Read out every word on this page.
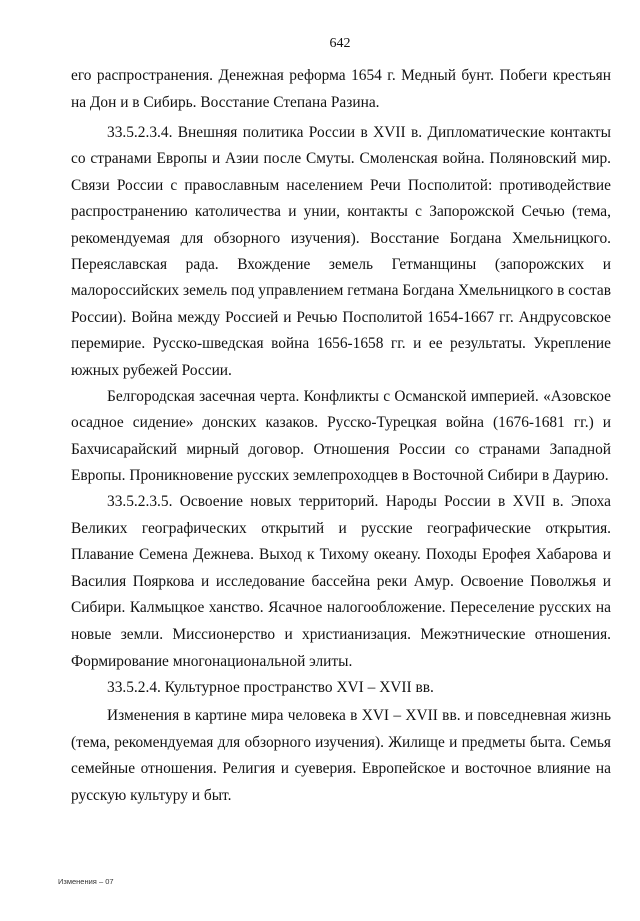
642

его распространения. Денежная реформа 1654 г. Медный бунт. Побеги крестьян на Дон и в Сибирь. Восстание Степана Разина.

33.5.2.3.4. Внешняя политика России в XVII в. Дипломатические контакты со странами Европы и Азии после Смуты. Смоленская война. Поляновский мир. Связи России с православным населением Речи Посполитой: противодействие распространению католичества и унии, контакты с Запорожской Сечью (тема, рекомендуемая для обзорного изучения). Восстание Богдана Хмельницкого. Переяславская рада. Вхождение земель Гетманщины (запорожских и малороссийских земель под управлением гетмана Богдана Хмельницкого в состав России). Война между Россией и Речью Посполитой 1654-1667 гг. Андрусовское перемирие. Русско-шведская война 1656-1658 гг. и ее результаты. Укрепление южных рубежей России.

Белгородская засечная черта. Конфликты с Османской империей. «Азовское осадное сидение» донских казаков. Русско-Турецкая война (1676-1681 гг.) и Бахчисарайский мирный договор. Отношения России со странами Западной Европы. Проникновение русских землепроходцев в Восточной Сибири в Даурию.

33.5.2.3.5. Освоение новых территорий. Народы России в XVII в. Эпоха Великих географических открытий и русские географические открытия. Плавание Семена Дежнева. Выход к Тихому океану. Походы Ерофея Хабарова и Василия Пояркова и исследование бассейна реки Амур. Освоение Поволжья и Сибири. Калмыцкое ханство. Ясачное налогообложение. Переселение русских на новые земли. Миссионерство и христианизация. Межэтнические отношения. Формирование многонациональной элиты.

33.5.2.4. Культурное пространство XVI – XVII вв.

Изменения в картине мира человека в XVI – XVII вв. и повседневная жизнь (тема, рекомендуемая для обзорного изучения). Жилище и предметы быта. Семья семейные отношения. Религия и суеверия. Европейское и восточное влияние на русскую культуру и быт.

Изменения – 07
